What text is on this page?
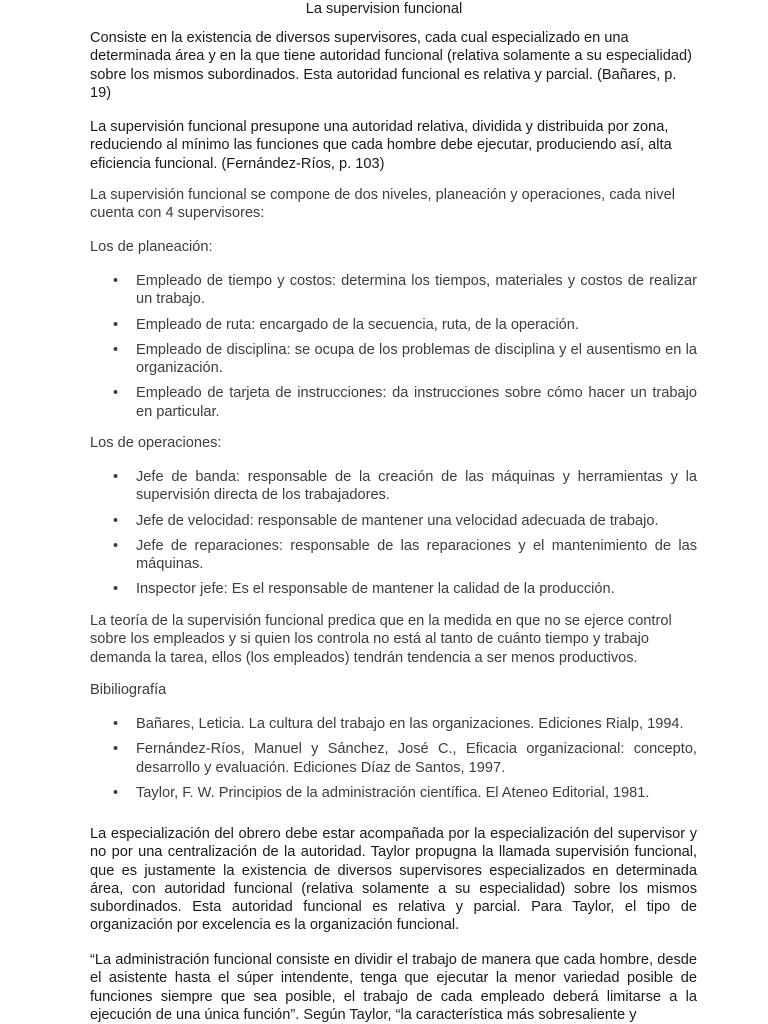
La supervision funcional

Consiste en la existencia de diversos supervisores, cada cual especializado en una determinada área y en la que tiene autoridad funcional (relativa solamente a su especialidad) sobre los mismos subordinados. Esta autoridad funcional es relativa y parcial. (Bañares, p. 19)

La supervisión funcional presupone una autoridad relativa, dividida y distribuida por zona, reduciendo al mínimo las funciones que cada hombre debe ejecutar, produciendo así, alta eficiencia funcional. (Fernández-Ríos, p. 103)

La supervisión funcional se compone de dos niveles, planeación y operaciones, cada nivel cuenta con 4 supervisores:

Los de planeación:

• Empleado de tiempo y costos: determina los tiempos, materiales y costos de realizar un trabajo.
• Empleado de ruta: encargado de la secuencia, ruta, de la operación.
• Empleado de disciplina: se ocupa de los problemas de disciplina y el ausentismo en la organización.
• Empleado de tarjeta de instrucciones: da instrucciones sobre cómo hacer un trabajo en particular.

Los de operaciones:

• Jefe de banda: responsable de la creación de las máquinas y herramientas y la supervisión directa de los trabajadores.
• Jefe de velocidad: responsable de mantener una velocidad adecuada de trabajo.
• Jefe de reparaciones: responsable de las reparaciones y el mantenimiento de las máquinas.
• Inspector jefe: Es el responsable de mantener la calidad de la producción.

La teoría de la supervisión funcional predica que en la medida en que no se ejerce control sobre los empleados y si quien los controla no está al tanto de cuánto tiempo y trabajo demanda la tarea, ellos (los empleados) tendrán tendencia a ser menos productivos.

Bibiliografía

• Bañares, Leticia. La cultura del trabajo en las organizaciones. Ediciones Rialp, 1994.
• Fernández-Ríos, Manuel y Sánchez, José C., Eficacia organizacional: concepto, desarrollo y evaluación. Ediciones Díaz de Santos, 1997.
• Taylor, F. W. Principios de la administración científica. El Ateneo Editorial, 1981.

La especialización del obrero debe estar acompañada por la especialización del supervisor y no por una centralización de la autoridad. Taylor propugna la llamada supervisión funcional, que es justamente la existencia de diversos supervisores especializados en determinada área, con autoridad funcional (relativa solamente a su especialidad) sobre los mismos subordinados. Esta autoridad funcional es relativa y parcial. Para Taylor, el tipo de organización por excelencia es la organización funcional.

“La administración funcional consiste en dividir el trabajo de manera que cada hombre, desde el asistente hasta el súper intendente, tenga que ejecutar la menor variedad posible de funciones siempre que sea posible, el trabajo de cada empleado deberá limitarse a la ejecución de una única función”. Según Taylor, “la característica más sobresaliente y
